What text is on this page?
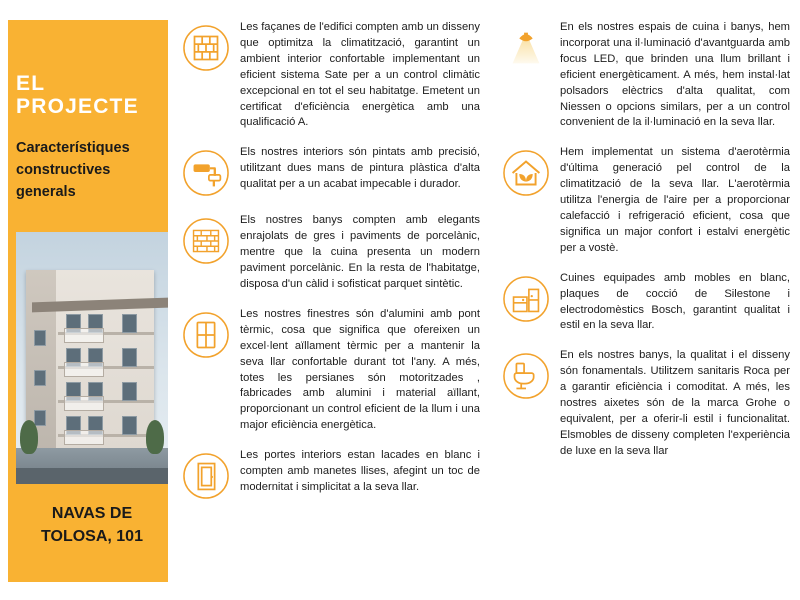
EL PROJECTE
Característiques constructives generals
NAVAS DE TOLOSA, 101
Les façanes de l'edifici compten amb un disseny que optimitza la climatització, garantint un ambient interior confortable implementant un eficient sistema Sate per a un control climàtic excepcional en tot el seu habitatge. Emetent un certificat d'eficiència energètica amb una qualificació A.
Els nostres interiors són pintats amb precisió, utilitzant dues mans de pintura plàstica d'alta qualitat per a un acabat impecable i durador.
Els nostres banys compten amb elegants enrajolats de gres i paviments de porcelànic, mentre que la cuina presenta un modern paviment porcelànic. En la resta de l'habitatge, disposa d'un càlid i sofisticat parquet sintètic.
Les nostres finestres són d'alumini amb pont tèrmic, cosa que significa que ofereixen un excel·lent aïllament tèrmic per a mantenir la seva llar confortable durant tot l'any. A més, totes les persianes són motoritzades , fabricades amb alumini i material aïllant, proporcionant un control eficient de la llum i una major eficiència energètica.
Les portes interiors estan lacades en blanc i compten amb manetes llises, afegint un toc de modernitat i simplicitat a la seva llar.
En els nostres espais de cuina i banys, hem incorporat una il·luminació d'avantguarda amb focus LED, que brinden una llum brillant i eficient energèticament. A més, hem instal·lat polsadors elèctrics d'alta qualitat, com Niessen o opcions similars, per a un control convenient de la il·luminació en la seva llar.
Hem implementat un sistema d'aerotèrmia d'última generació pel control de la climatització de la seva llar. L'aerotèrmia utilitza l'energia de l'aire per a proporcionar calefacció i refrigeració eficient, cosa que significa un major confort i estalvi energètic per a vostè.
Cuines equipades amb mobles en blanc, plaques de cocció de Silestone i electrodomèstics Bosch, garantint qualitat i estil en la seva llar.
En els nostres banys, la qualitat i el disseny són fonamentals. Utilitzem sanitaris Roca per a garantir eficiència i comoditat. A més, les nostres aixetes són de la marca Grohe o equivalent, per a oferir-li estil i funcionalitat. Elsmobles de disseny completen l'experiència de luxe en la seva llar
